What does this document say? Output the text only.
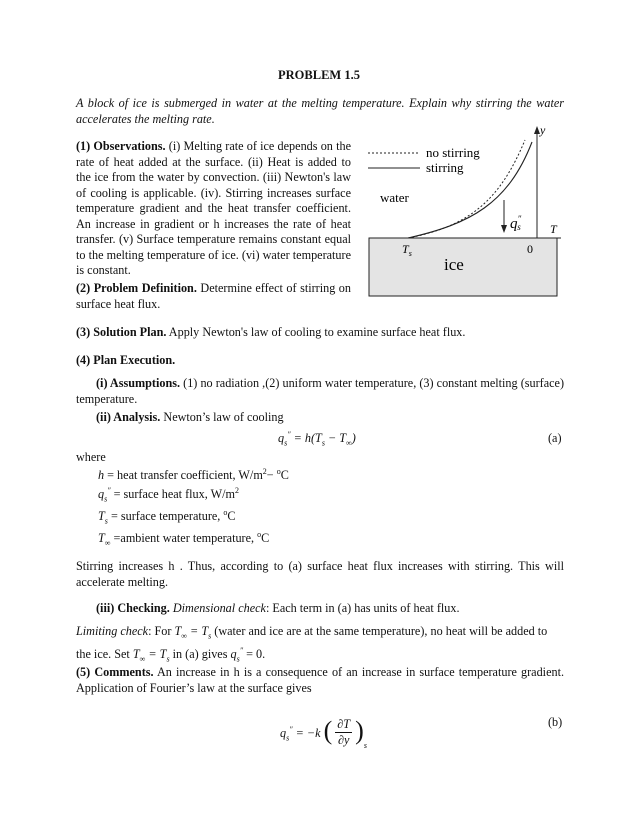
PROBLEM 1.5

A block of ice is submerged in water at the melting temperature. Explain why stirring the water accelerates the melting rate.

(1) Observations. (i) Melting rate of ice depends on the rate of heat added at the surface. (ii) Heat is added to the ice from the water by convection. (iii) Newton's law of cooling is applicable. (iv). Stirring increases surface temperature gradient and the heat transfer coefficient. An increase in gradient or h increases the rate of heat transfer. (v) Surface temperature remains constant equal to the melting temperature of ice. (vi) water temperature is constant.
(2) Problem Definition. Determine effect of stirring on surface heat flux.
no stirring
stirring
water
ice
$T_s$
q″ s
y
T
0

(3) Solution Plan. Apply Newton's law of cooling to examine surface heat flux.

(4) Plan Execution.

(i) Assumptions. (1) no radiation ,(2) uniform water temperature, (3) constant melting (surface) temperature.

(ii) Analysis. Newton’s law of cooling

$q_s'' = h(T_s - T_\infty)$	(a)

where

h = heat transfer coefficient, $W/m^2- ^oC$
$q_s''$ = surface heat flux, $W/m^2$
$T_s$ = surface temperature, $^o$C
$T_\infty$ =ambient water temperature, $^o$C

Stirring increases h . Thus, according to (a) surface heat flux increases with stirring. This will accelerate melting.

(iii) Checking. Dimensional check: Each term in (a) has units of heat flux.

Limiting check: For $T_\infty = T_s$ (water and ice are at the same temperature), no heat will be added to

the ice. Set $T_\infty = T_s$ in (a) gives $q_s'' = 0$.

(5) Comments. An increase in h is a consequence of an increase in surface temperature gradient. Application of Fourier’s law at the surface gives

$q_s'' = -k$ ( $\frac{\partial T}{\partial y} )_s$
(b)
